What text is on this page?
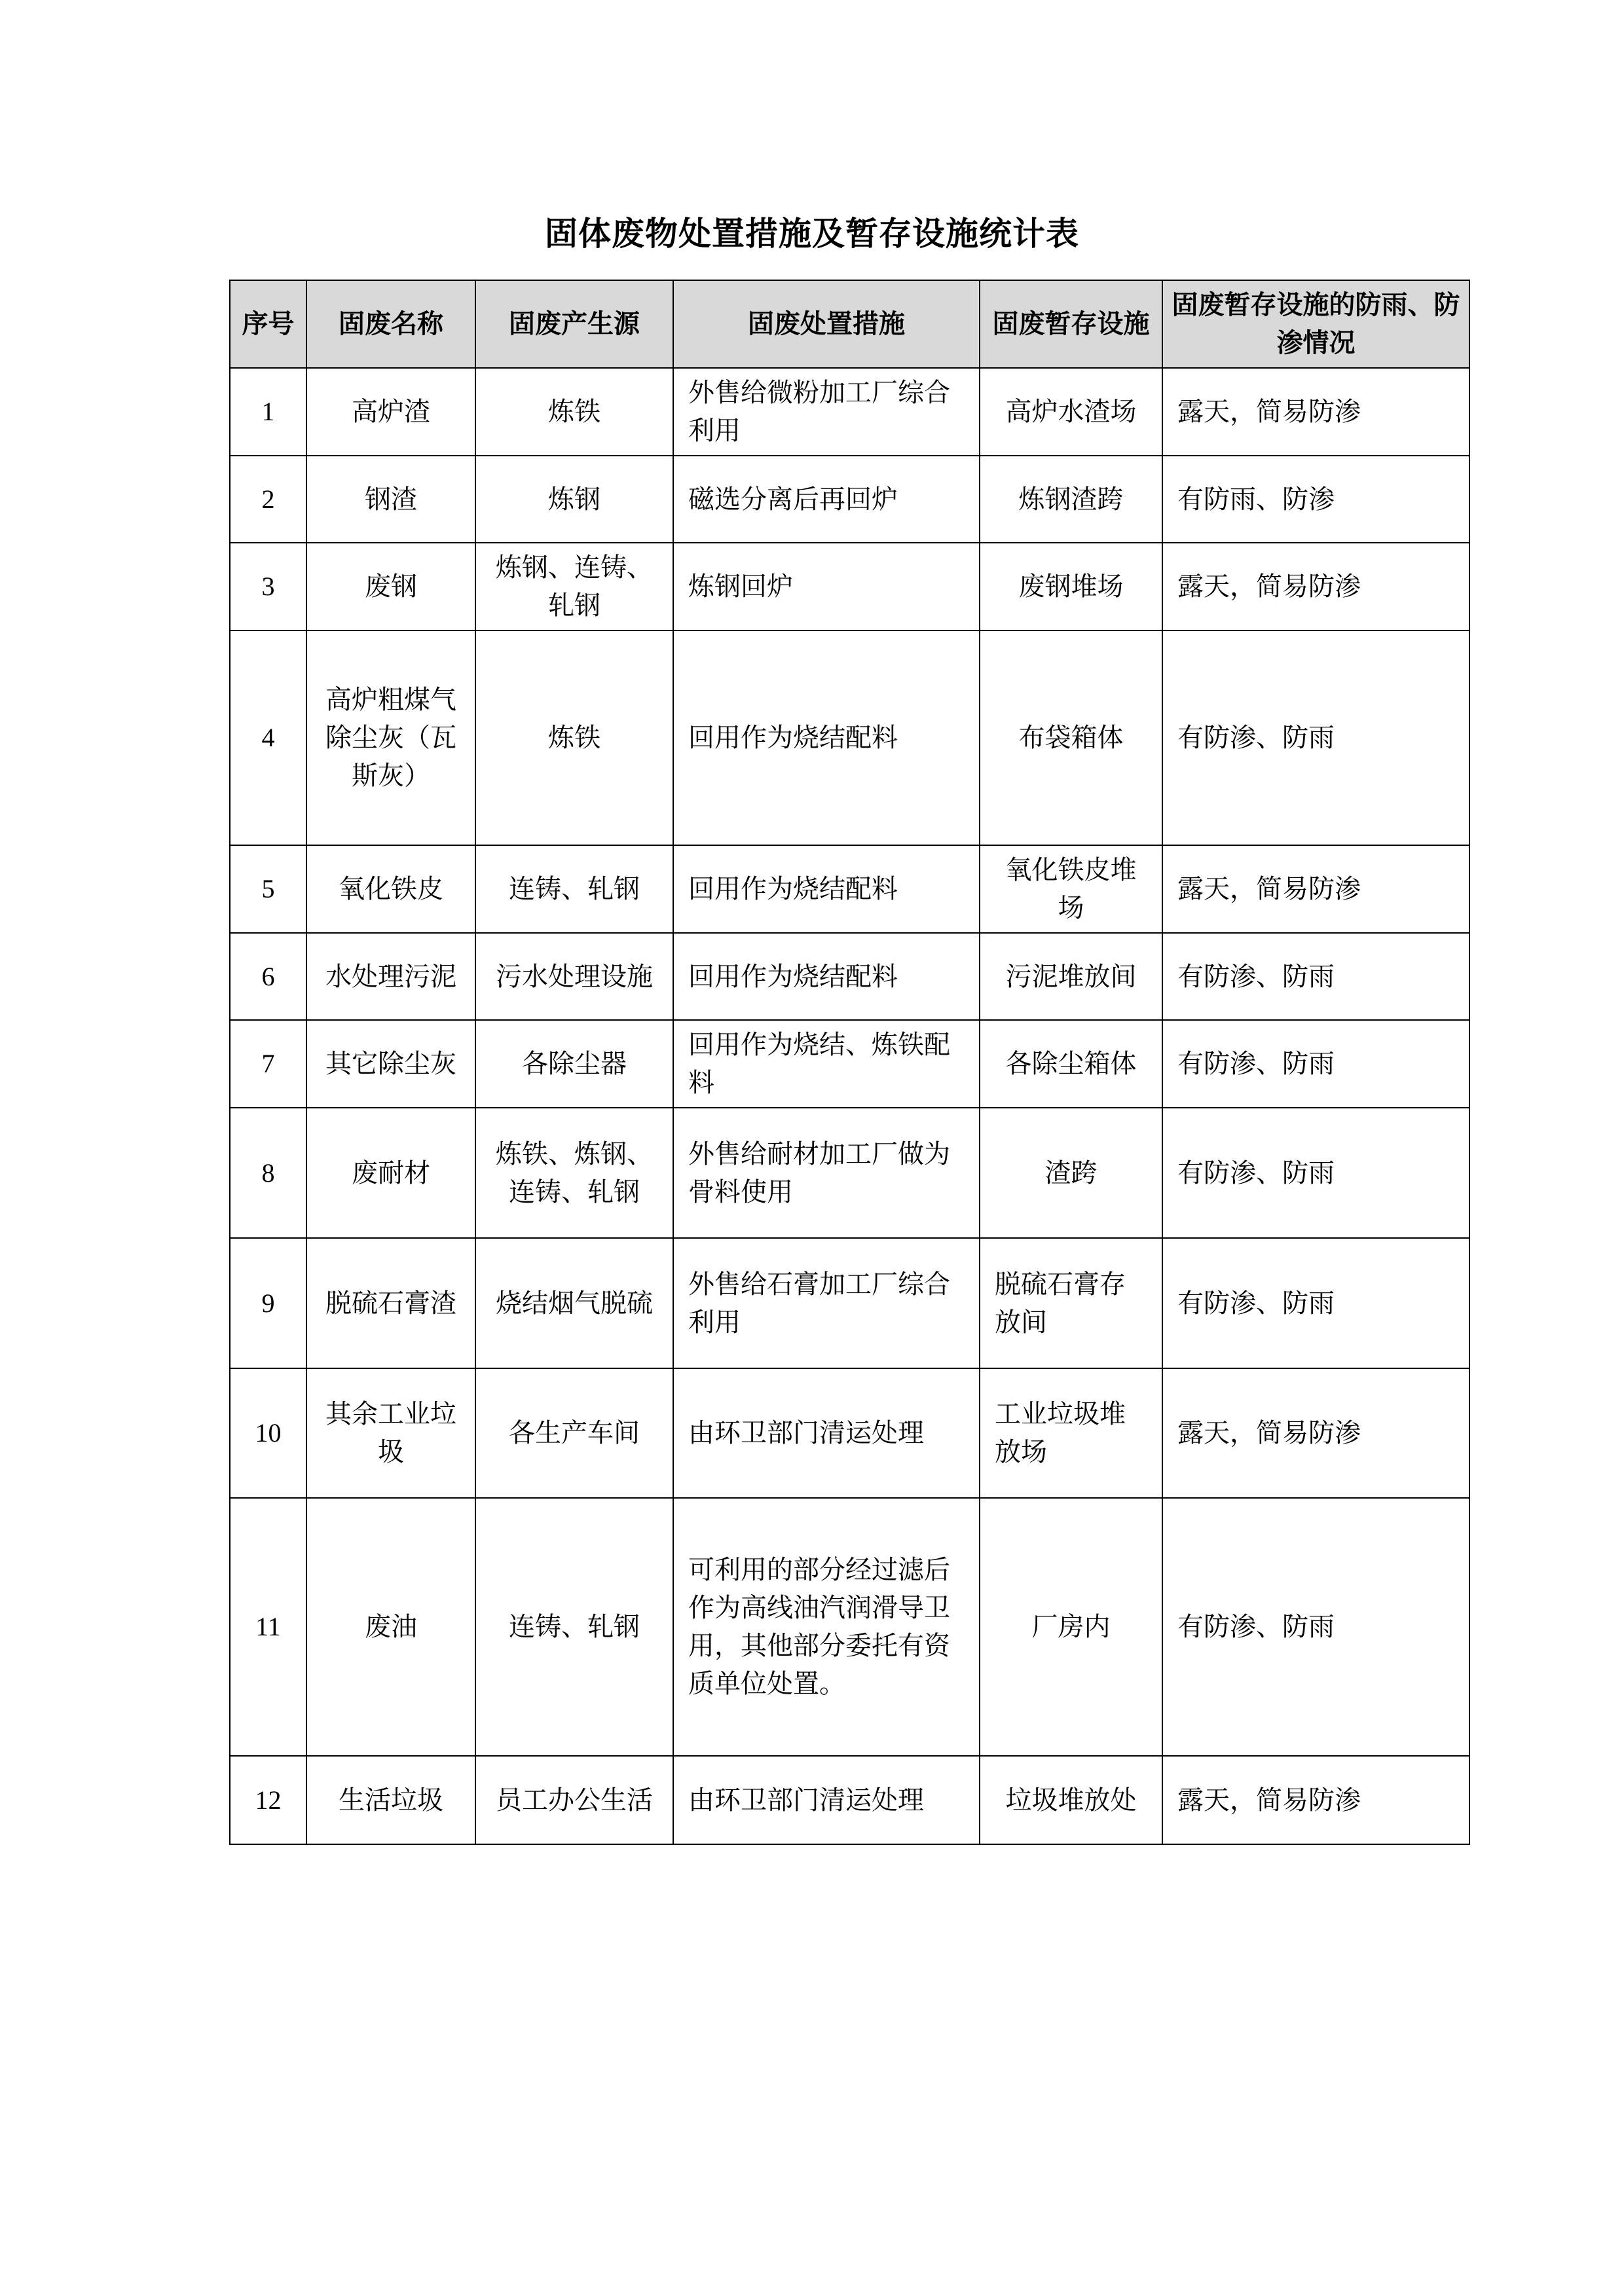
固体废物处置措施及暂存设施统计表
序号	固废名称	固废产生源	固废处置措施	固废暂存设施	固废暂存设施的防雨、防渗情况
1	高炉渣	炼铁	外售给微粉加工厂综合利用	高炉水渣场	露天，简易防渗
2	钢渣	炼钢	磁选分离后再回炉	炼钢渣跨	有防雨、防渗
3	废钢	炼钢、连铸、轧钢	炼钢回炉	废钢堆场	露天，简易防渗
4	高炉粗煤气除尘灰（瓦斯灰）	炼铁	回用作为烧结配料	布袋箱体	有防渗、防雨
5	氧化铁皮	连铸、轧钢	回用作为烧结配料	氧化铁皮堆场	露天，简易防渗
6	水处理污泥	污水处理设施	回用作为烧结配料	污泥堆放间	有防渗、防雨
7	其它除尘灰	各除尘器	回用作为烧结、炼铁配料	各除尘箱体	有防渗、防雨
8	废耐材	炼铁、炼钢、连铸、轧钢	外售给耐材加工厂做为骨料使用	渣跨	有防渗、防雨
9	脱硫石膏渣	烧结烟气脱硫	外售给石膏加工厂综合利用	脱硫石膏存放间	有防渗、防雨
10	其余工业垃圾	各生产车间	由环卫部门清运处理	工业垃圾堆放场	露天，简易防渗
11	废油	连铸、轧钢	可利用的部分经过滤后作为高线油汽润滑导卫用，其他部分委托有资质单位处置。	厂房内	有防渗、防雨
12	生活垃圾	员工办公生活	由环卫部门清运处理	垃圾堆放处	露天，简易防渗
